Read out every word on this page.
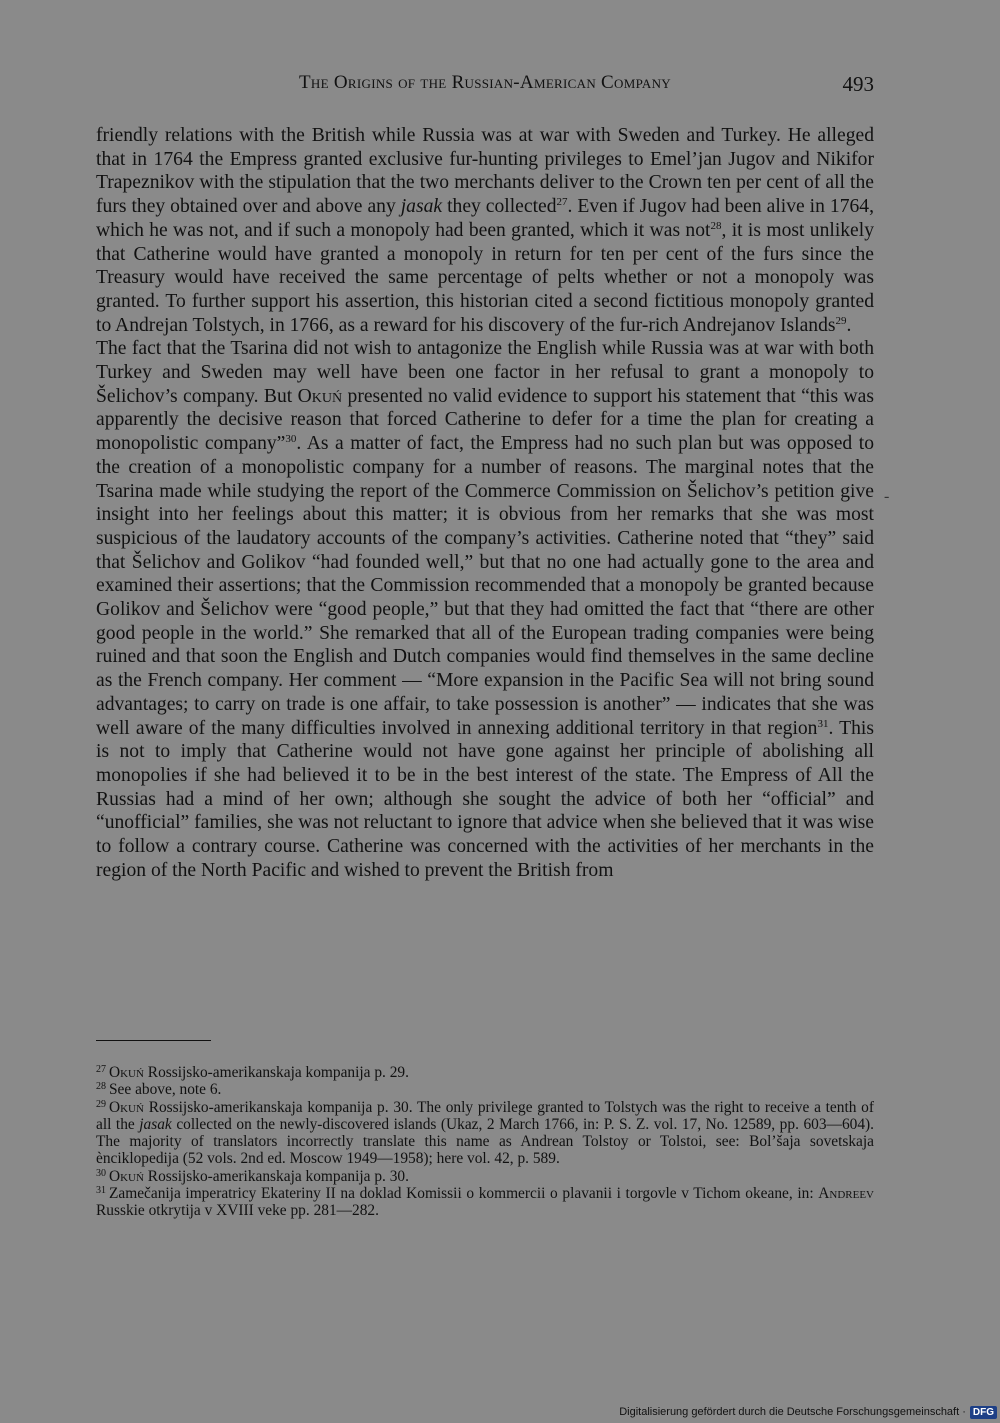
The Origins of the Russian-American Company	493
-

friendly relations with the British while Russia was at war with Sweden and Turkey. He alleged that in 1764 the Empress granted exclusive fur-hunting privileges to Emel’jan Jugov and Nikifor Trapeznikov with the stipulation that the two merchants deliver to the Crown ten per cent of all the furs they obtained over and above any jasak they collected$^{27}$. Even if Jugov had been alive in 1764, which he was not, and if such a monopoly had been granted, which it was not$^{28}$, it is most unlikely that Catherine would have granted a monopoly in return for ten per cent of the furs since the Treasury would have received the same percentage of pelts whether or not a monopoly was granted. To further support his assertion, this historian cited a second fictitious monopoly granted to Andrejan Tolstych, in 1766, as a reward for his discovery of the fur-rich Andrejanov Islands$^{29}$.

The fact that the Tsarina did not wish to antagonize the English while Russia was at war with both Turkey and Sweden may well have been one factor in her refusal to grant a monopoly to Šelichov’s company. But Okuń presented no valid evidence to support his statement that “this was apparently the decisive reason that forced Catherine to defer for a time the plan for creating a monopolistic company”$^{30}$. As a matter of fact, the Empress had no such plan but was opposed to the creation of a monopolistic company for a number of reasons. The marginal notes that the Tsarina made while studying the report of the Commerce Commission on Šelichov’s petition give insight into her feelings about this matter; it is obvious from her remarks that she was most suspicious of the laudatory accounts of the company’s activities. Catherine noted that “they” said that Šelichov and Golikov “had founded well,” but that no one had actually gone to the area and examined their assertions; that the Commission recommended that a monopoly be granted because Golikov and Šelichov were “good people,” but that they had omitted the fact that “there are other good people in the world.” She remarked that all of the European trading companies were being ruined and that soon the English and Dutch companies would find themselves in the same decline as the French company. Her comment — “More expansion in the Pacific Sea will not bring sound advantages; to carry on trade is one affair, to take possession is another” — indicates that she was well aware of the many difficulties involved in annexing additional territory in that region$^{31}$. This is not to imply that Catherine would not have gone against her principle of abolishing all monopolies if she had believed it to be in the best interest of the state. The Empress of All the Russias had a mind of her own; although she sought the advice of both her “official” and “unofficial” families, she was not reluctant to ignore that advice when she believed that it was wise to follow a contrary course. Catherine was concerned with the activities of her merchants in the region of the North Pacific and wished to prevent the British from

$^{27}$ Okuń Rossijsko-amerikanskaja kompanija p. 29.

$^{28}$ See above, note 6.

$^{29}$ Okuń Rossijsko-amerikanskaja kompanija p. 30. The only privilege granted to Tolstych was the right to receive a tenth of all the jasak collected on the newly-discovered islands (Ukaz, 2 March 1766, in: P. S. Z. vol. 17, No. 12589, pp. 603—604). The majority of translators incorrectly translate this name as Andrean Tolstoy or Tolstoi, see: Bol’šaja sovetskaja ènciklopedija (52 vols. 2nd ed. Moscow 1949—1958); here vol. 42, p. 589.

$^{30}$ Okuń Rossijsko-amerikanskaja kompanija p. 30.

$^{31}$ Zamečanija imperatricy Ekateriny II na doklad Komissii o kommercii o plavanii i torgovle v Tichom okeane, in: Andreev Russkie otkrytija v XVIII veke pp. 281—282.

Digitalisierung gefördert durch die Deutsche Forschungsgemeinschaft · DFG
